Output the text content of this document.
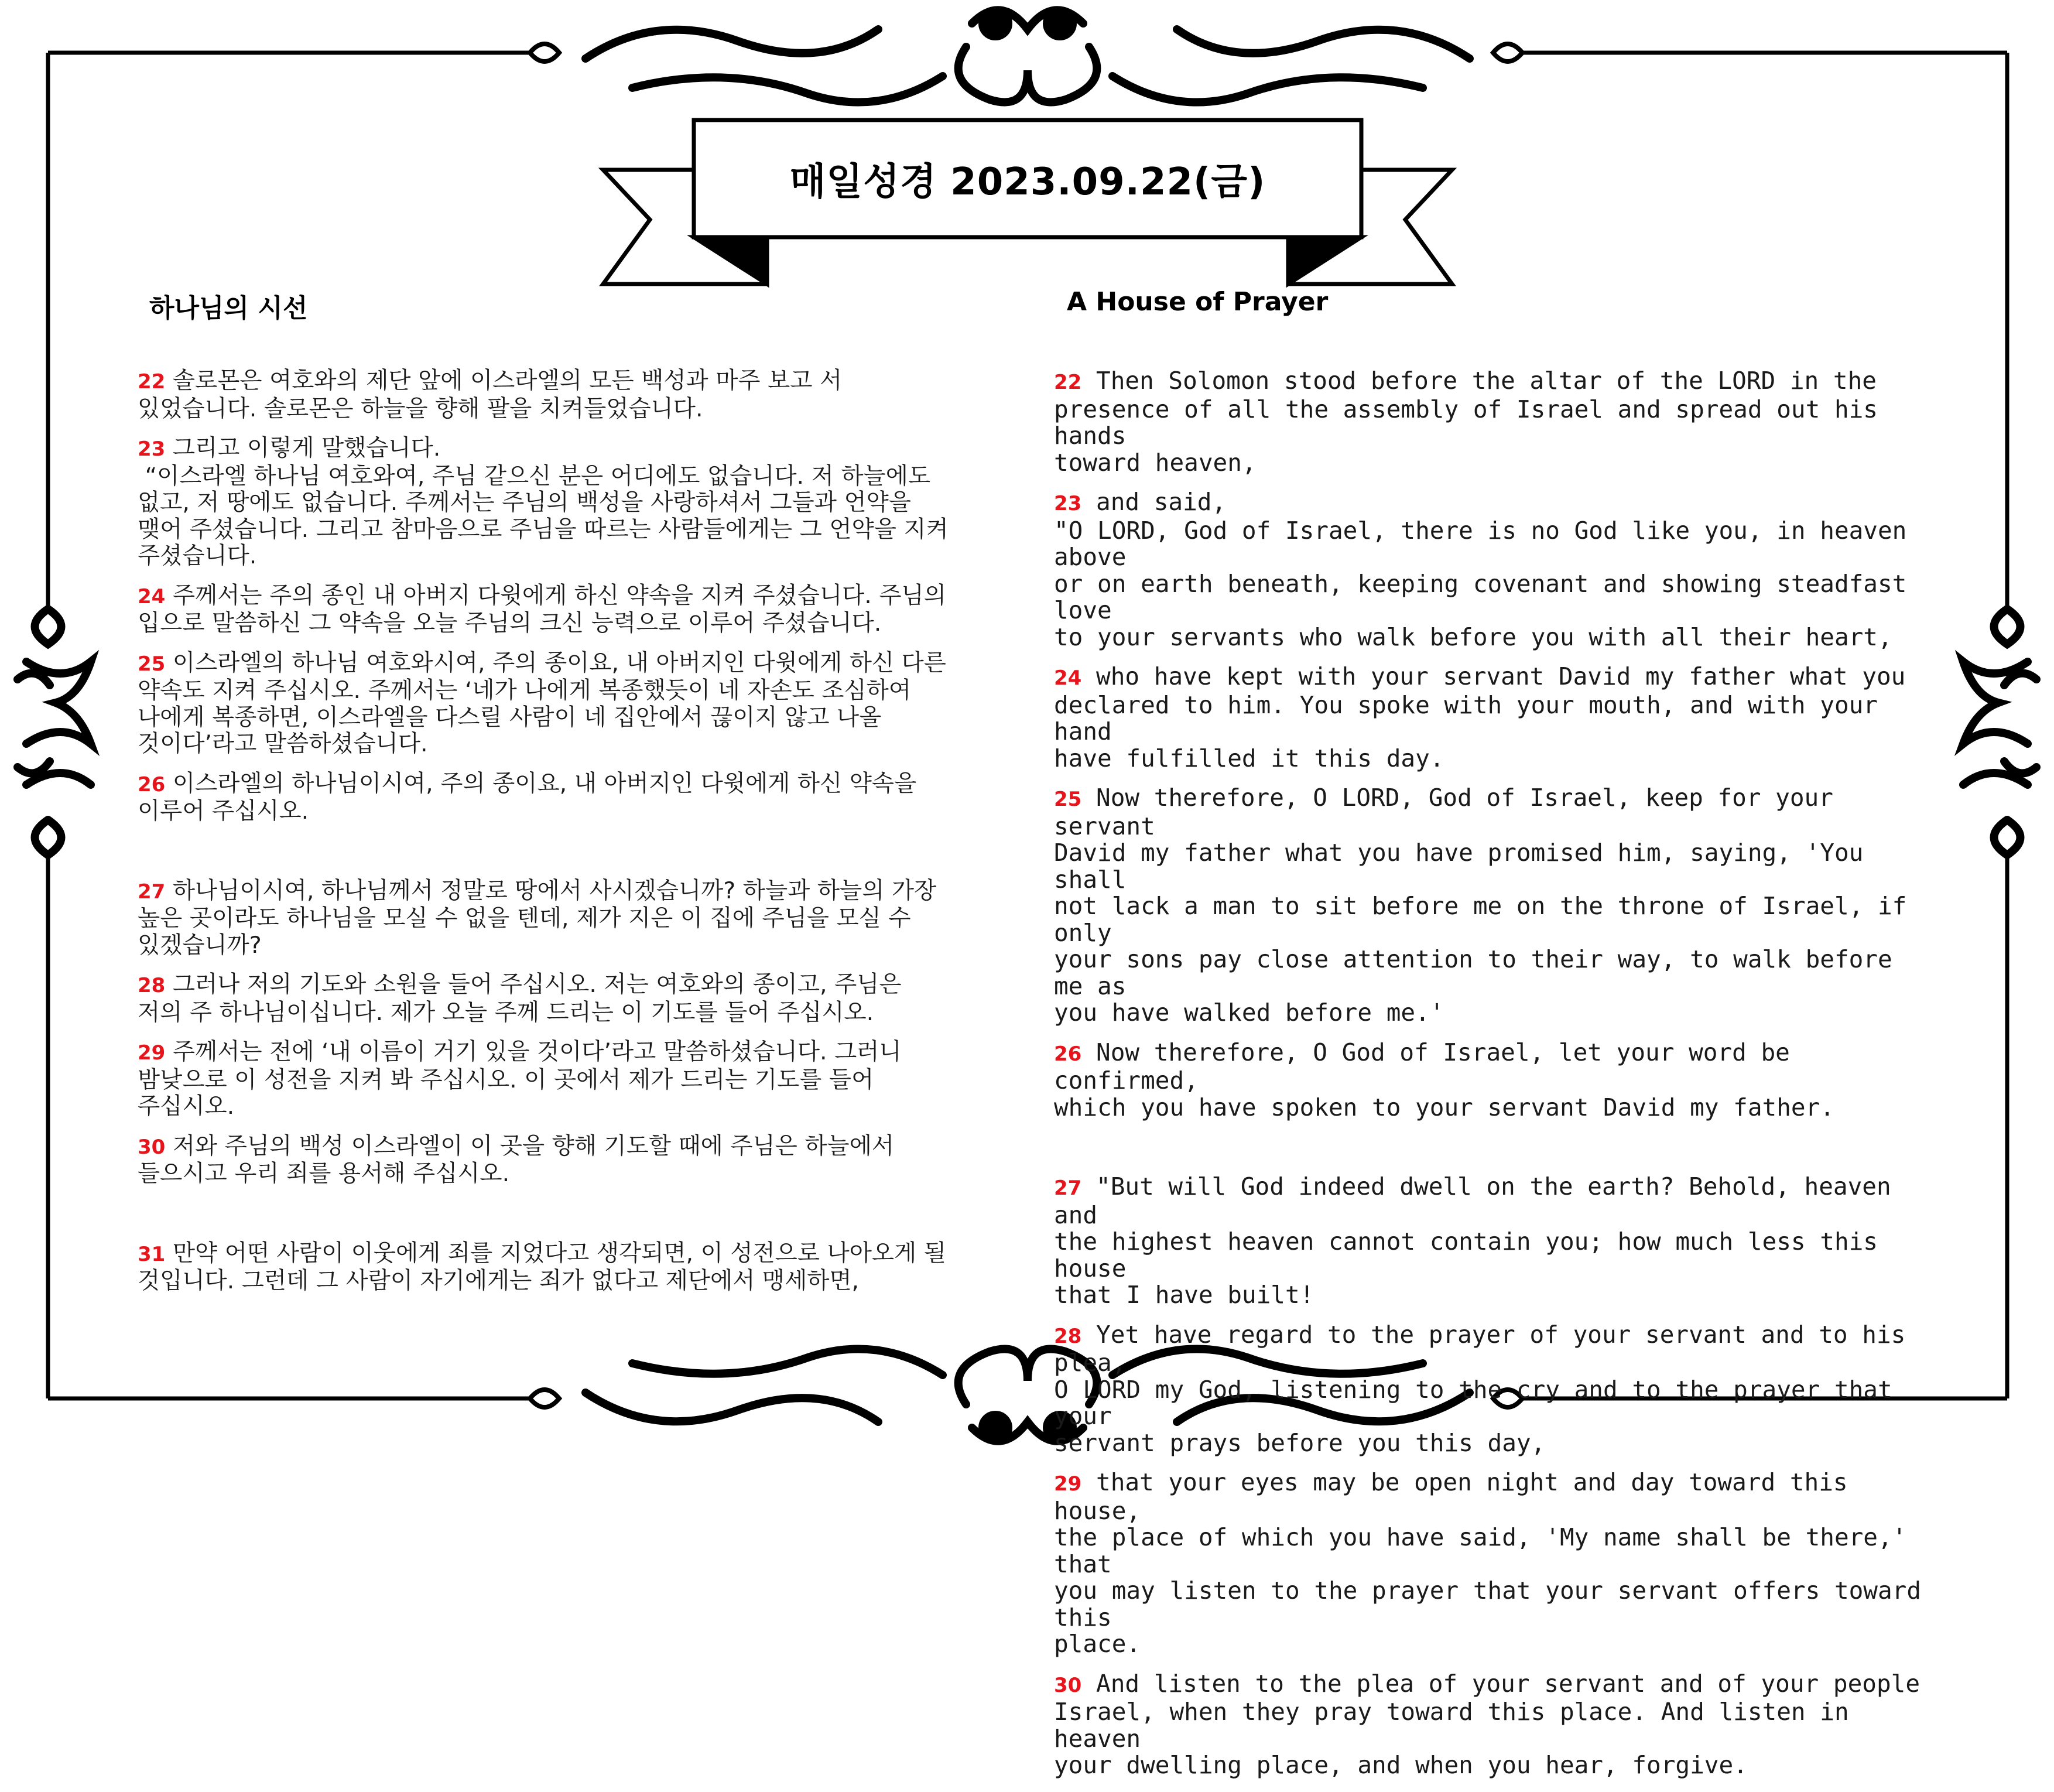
매일성경 2023.09.22(금)
하나님의 시선	A House of Prayer
22 솔로몬은 여호와의 제단 앞에 이스라엘의 모든 백성과 마주 보고 서
있었습니다. 솔로몬은 하늘을 향해 팔을 치켜들었습니다.
23 그리고 이렇게 말했습니다.
“이스라엘 하나님 여호와여, 주님 같으신 분은 어디에도 없습니다. 저 하늘에도
없고, 저 땅에도 없습니다. 주께서는 주님의 백성을 사랑하셔서 그들과 언약을
맺어 주셨습니다. 그리고 참마음으로 주님을 따르는 사람들에게는 그 언약을 지켜
주셨습니다.
24 주께서는 주의 종인 내 아버지 다윗에게 하신 약속을 지켜 주셨습니다. 주님의
입으로 말씀하신 그 약속을 오늘 주님의 크신 능력으로 이루어 주셨습니다.
25 이스라엘의 하나님 여호와시여, 주의 종이요, 내 아버지인 다윗에게 하신 다른
약속도 지켜 주십시오. 주께서는 ‘네가 나에게 복종했듯이 네 자손도 조심하여
나에게 복종하면, 이스라엘을 다스릴 사람이 네 집안에서 끊이지 않고 나올
것이다’라고 말씀하셨습니다.
26 이스라엘의 하나님이시여, 주의 종이요, 내 아버지인 다윗에게 하신 약속을
이루어 주십시오.
27 하나님이시여, 하나님께서 정말로 땅에서 사시겠습니까? 하늘과 하늘의 가장
높은 곳이라도 하나님을 모실 수 없을 텐데, 제가 지은 이 집에 주님을 모실 수
있겠습니까?
28 그러나 저의 기도와 소원을 들어 주십시오. 저는 여호와의 종이고, 주님은
저의 주 하나님이십니다. 제가 오늘 주께 드리는 이 기도를 들어 주십시오.
29 주께서는 전에 ‘내 이름이 거기 있을 것이다’라고 말씀하셨습니다. 그러니
밤낮으로 이 성전을 지켜 봐 주십시오. 이 곳에서 제가 드리는 기도를 들어
주십시오.
30 저와 주님의 백성 이스라엘이 이 곳을 향해 기도할 때에 주님은 하늘에서
들으시고 우리 죄를 용서해 주십시오.
31 만약 어떤 사람이 이웃에게 죄를 지었다고 생각되면, 이 성전으로 나아오게 될
것입니다. 그런데 그 사람이 자기에게는 죄가 없다고 제단에서 맹세하면,
22 Then Solomon stood before the altar of the LORD in the
presence of all the assembly of Israel and spread out his hands
toward heaven,
23 and said,
"O LORD, God of Israel, there is no God like you, in heaven above
or on earth beneath, keeping covenant and showing steadfast love
to your servants who walk before you with all their heart,
24 who have kept with your servant David my father what you
declared to him. You spoke with your mouth, and with your hand
have fulfilled it this day.
25 Now therefore, O LORD, God of Israel, keep for your servant
David my father what you have promised him, saying, 'You shall
not lack a man to sit before me on the throne of Israel, if only
your sons pay close attention to their way, to walk before me as
you have walked before me.'
26 Now therefore, O God of Israel, let your word be confirmed,
which you have spoken to your servant David my father.
27 "But will God indeed dwell on the earth? Behold, heaven and
the highest heaven cannot contain you; how much less this house
that I have built!
28 Yet have regard to the prayer of your servant and to his plea,
O LORD my God, listening to the cry and to the prayer that your
servant prays before you this day,
29 that your eyes may be open night and day toward this house,
the place of which you have said, 'My name shall be there,' that
you may listen to the prayer that your servant offers toward this
place.
30 And listen to the plea of your servant and of your people
Israel, when they pray toward this place. And listen in heaven
your dwelling place, and when you hear, forgive.
